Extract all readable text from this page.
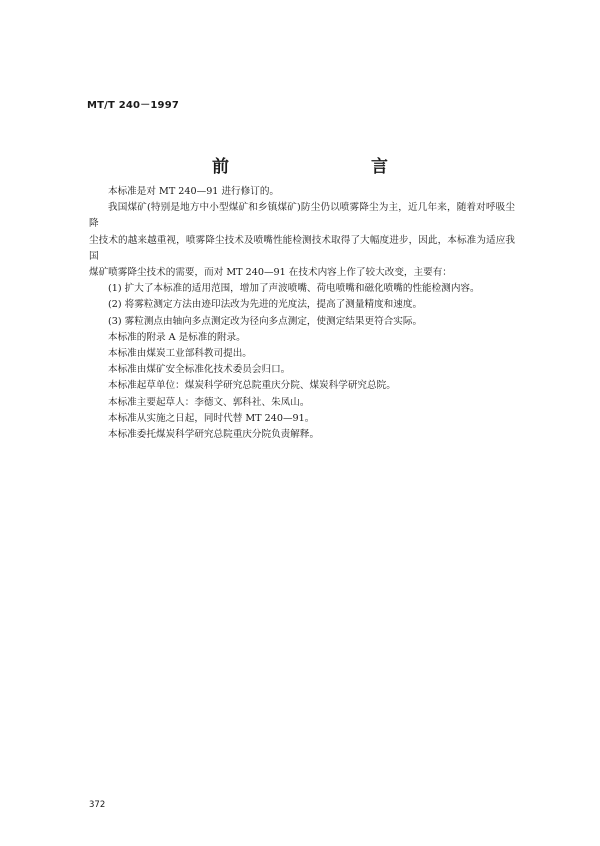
MT/T 240－1997
前　　言

本标准是对 MT 240—91 进行修订的。

我国煤矿(特别是地方中小型煤矿和乡镇煤矿)防尘仍以喷雾降尘为主，近几年来，随着对呼吸尘降

尘技术的越来越重视，喷雾降尘技术及喷嘴性能检测技术取得了大幅度进步，因此，本标准为适应我国

煤矿喷雾降尘技术的需要，而对 MT 240—91 在技术内容上作了较大改变，主要有：

(1) 扩大了本标准的适用范围，增加了声波喷嘴、荷电喷嘴和磁化喷嘴的性能检测内容。

(2) 将雾粒测定方法由迹印法改为先进的光度法，提高了测量精度和速度。

(3) 雾粒测点由轴向多点测定改为径向多点测定，使测定结果更符合实际。

本标准的附录 A 是标准的附录。

本标准由煤炭工业部科教司提出。

本标准由煤矿安全标准化技术委员会归口。

本标准起草单位：煤炭科学研究总院重庆分院、煤炭科学研究总院。

本标准主要起草人：李德文、郭科社、朱凤山。

本标准从实施之日起，同时代替 MT 240—91。

本标准委托煤炭科学研究总院重庆分院负责解释。

372
